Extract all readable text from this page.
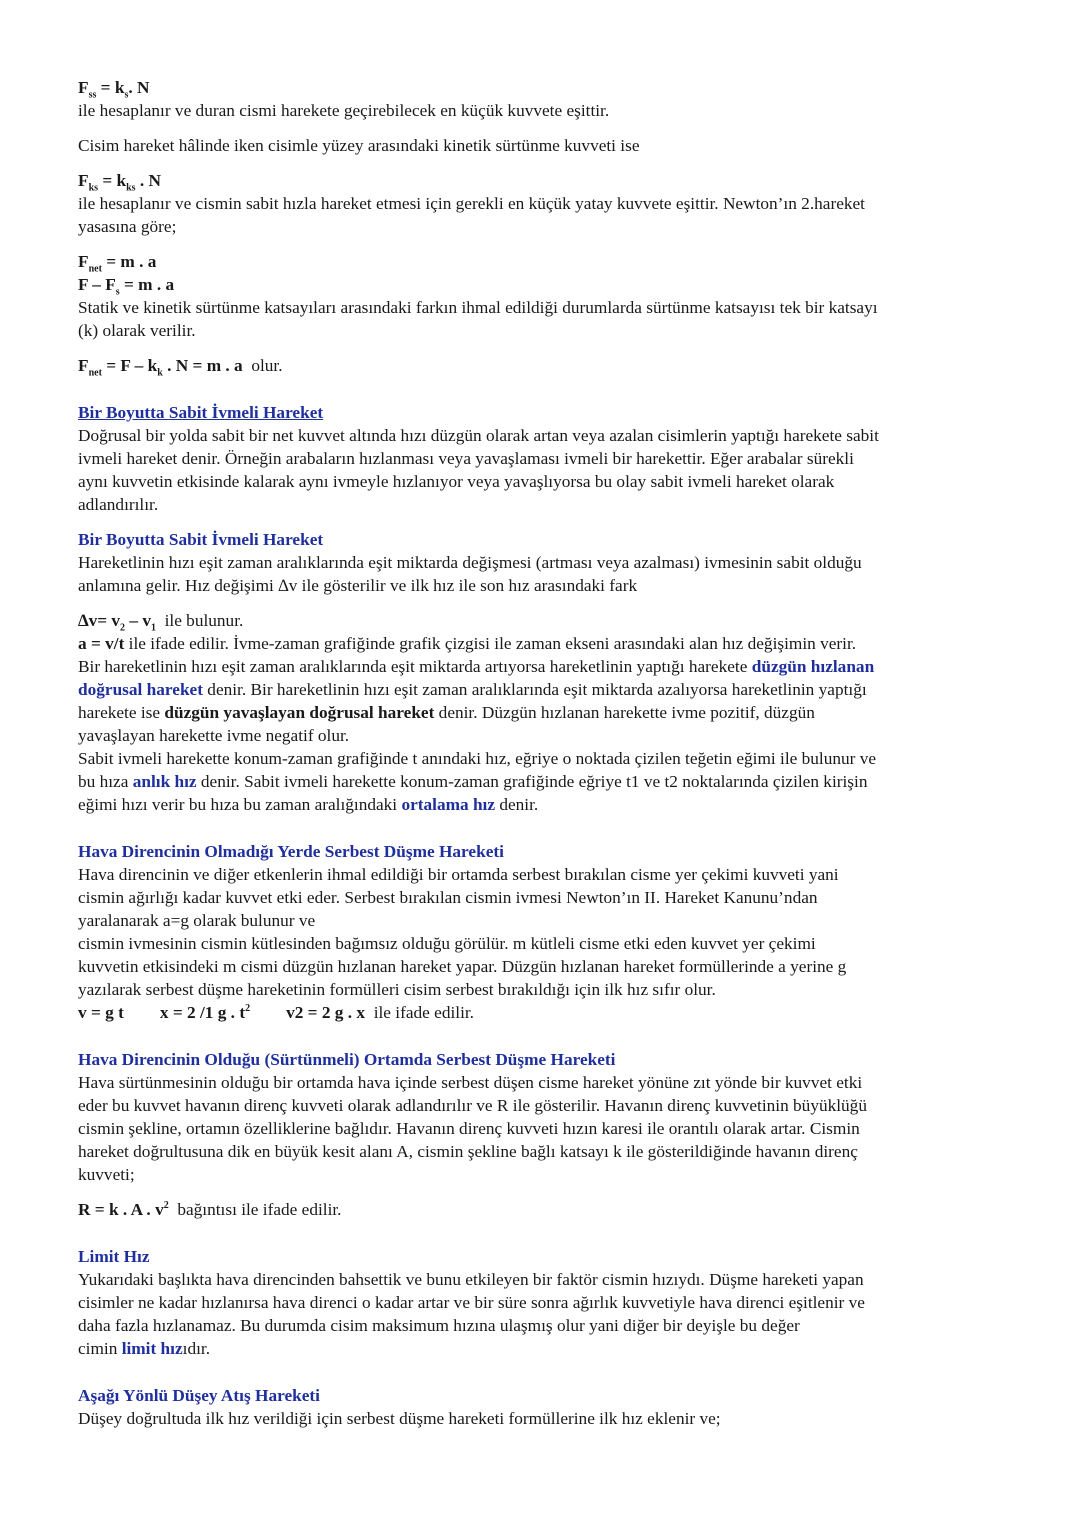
$F_{ss} = k_s$. N
ile hesaplanır ve duran cismi harekete geçirebilecek en küçük kuvvete eşittir.
Cisim hareket hâlinde iken cisimle yüzey arasındaki kinetik sürtünme kuvveti ise
$F_{ks} = k_{ks}$ . N
ile hesaplanır ve cismin sabit hızla hareket etmesi için gerekli en küçük yatay kuvvete eşittir. Newton’ın 2.hareket
yasasına göre;
$F_{net} = m$ . a
$F - F_s = m$ . a
Statik ve kinetik sürtünme katsayıları arasındaki farkın ihmal edildiği durumlarda sürtünme katsayısı tek bir katsayı
(k) olarak verilir.
$F_{net} = F - k_k$ . N = m . a  olur.
Bir Boyutta Sabit İvmeli Hareket
Doğrusal bir yolda sabit bir net kuvvet altında hızı düzgün olarak artan veya azalan cisimlerin yaptığı harekete sabit
ivmeli hareket denir. Örneğin arabaların hızlanması veya yavaşlaması ivmeli bir harekettir. Eğer arabalar sürekli
aynı kuvvetin etkisinde kalarak aynı ivmeyle hızlanıyor veya yavaşlıyorsa bu olay sabit ivmeli hareket olarak
adlandırılır.
Bir Boyutta Sabit İvmeli Hareket
Hareketlinin hızı eşit zaman aralıklarında eşit miktarda değişmesi (artması veya azalması) ivmesinin sabit olduğu
anlamına gelir. Hız değişimi ∆v ile gösterilir ve ilk hız ile son hız arasındaki fark
$\Delta v= v_2 - v_1$  ile bulunur.
a = v/t ile ifade edilir. İvme-zaman grafiğinde grafik çizgisi ile zaman ekseni arasındaki alan hız değişimin verir.
Bir hareketlinin hızı eşit zaman aralıklarında eşit miktarda artıyorsa hareketlinin yaptığı harekete düzgün hızlanan
doğrusal hareket denir. Bir hareketlinin hızı eşit zaman aralıklarında eşit miktarda azalıyorsa hareketlinin yaptığı
harekete ise düzgün yavaşlayan doğrusal hareket denir. Düzgün hızlanan harekette ivme pozitif, düzgün
yavaşlayan harekette ivme negatif olur.
Sabit ivmeli harekette konum-zaman grafiğinde t anındaki hız, eğriye o noktada çizilen teğetin eğimi ile bulunur ve
bu hıza anlık hız denir. Sabit ivmeli harekette konum-zaman grafiğinde eğriye t1 ve t2 noktalarında çizilen kirişin
eğimi hızı verir bu hıza bu zaman aralığındaki ortalama hız denir.
Hava Direncinin Olmadığı Yerde Serbest Düşme Hareketi
Hava direncinin ve diğer etkenlerin ihmal edildiği bir ortamda serbest bırakılan cisme yer çekimi kuvveti yani
cismin ağırlığı kadar kuvvet etki eder. Serbest bırakılan cismin ivmesi Newton’ın II. Hareket Kanunu’ndan
yaralanarak a=g olarak bulunur ve
cismin ivmesinin cismin kütlesinden bağımsız olduğu görülür. m kütleli cisme etki eden kuvvet yer çekimi
kuvvetin etkisindeki m cismi düzgün hızlanan hareket yapar. Düzgün hızlanan hareket formüllerinde a yerine g
yazılarak serbest düşme hareketinin formülleri cisim serbest bırakıldığı için ilk hız sıfır olur.
v = g t x = 2 /1 g . $t^2$ v2 = 2 g . x  ile ifade edilir.
Hava Direncinin Olduğu (Sürtünmeli) Ortamda Serbest Düşme Hareketi
Hava sürtünmesinin olduğu bir ortamda hava içinde serbest düşen cisme hareket yönüne zıt yönde bir kuvvet etki
eder bu kuvvet havanın direnç kuvveti olarak adlandırılır ve R ile gösterilir. Havanın direnç kuvvetinin büyüklüğü
cismin şekline, ortamın özelliklerine bağlıdır. Havanın direnç kuvveti hızın karesi ile orantılı olarak artar. Cismin
hareket doğrultusuna dik en büyük kesit alanı A, cismin şekline bağlı katsayı k ile gösterildiğinde havanın direnç
kuvveti;
R = k . A . $v^2$  bağıntısı ile ifade edilir.
Limit Hız
Yukarıdaki başlıkta hava direncinden bahsettik ve bunu etkileyen bir faktör cismin hızıydı. Düşme hareketi yapan
cisimler ne kadar hızlanırsa hava direnci o kadar artar ve bir süre sonra ağırlık kuvvetiyle hava direnci eşitlenir ve
daha fazla hızlanamaz. Bu durumda cisim maksimum hızına ulaşmış olur yani diğer bir deyişle bu değer
cimin limit hızıdır.
Aşağı Yönlü Düşey Atış Hareketi
Düşey doğrultuda ilk hız verildiği için serbest düşme hareketi formüllerine ilk hız eklenir ve;
